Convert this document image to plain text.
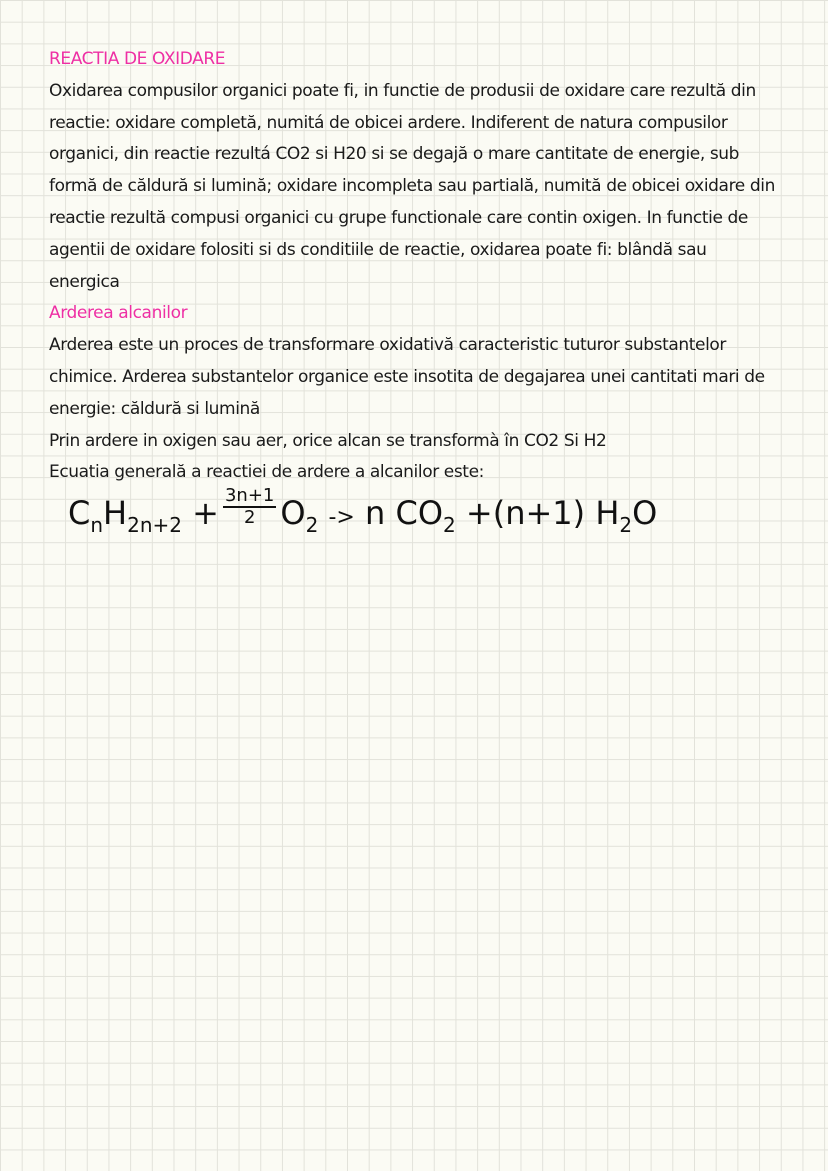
REACTIA DE OXIDARE
Oxidarea compusilor organici poate fi, in functie de produsii de oxidare care rezultă din
reactie: oxidare completă, numitá de obicei ardere. Indiferent de natura compusilor
organici, din reactie rezultá CO2 si H20 si se degajă o mare cantitate de energie, sub
formă de căldură si lumină; oxidare incompleta sau partială, numită de obicei oxidare din
reactie rezultă compusi organici cu grupe functionale care contin oxigen. In functie de
agentii de oxidare folositi si ds conditiile de reactie, oxidarea poate fi: blândă sau
energica
Arderea alcanilor
Arderea este un proces de transformare oxidativă caracteristic tuturor substantelor
chimice. Arderea substantelor organice este insotita de degajarea unei cantitati mari de
energie: căldură si lumină
Prin ardere in oxigen sau aer, orice alcan se transformà în CO2 Si H2
Ecuatia generală a reactiei de ardere a alcanilor este:
$C_nH_{2n+2} + \frac{3n+1}{2} O_2 -> n$ $CO_2 +(n+1)$ $H_2O$
